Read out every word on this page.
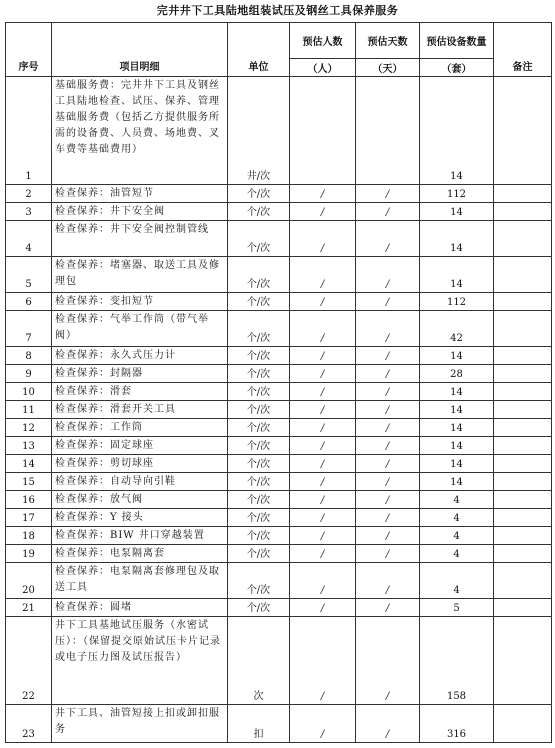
完井井下工具陆地组装试压及钢丝工具保养服务
序号	项目明细	单位	预估人数	预估天数	预估设备数量	备注
			（人）	（天）	（套）	
1	基础服务费：完井井下工具及钢丝工具陆地检查、试压、保养、管理基础服务费（包括乙方提供服务所需的设备费、人员费、场地费、叉车费等基础费用）	井/次			14	
2	检查保养：油管短节	个/次	/	/	112	
3	检查保养：井下安全阀	个/次	/	/	14	
4	检查保养：井下安全阀控制管线	个/次	/	/	14	
5	检查保养：堵塞器、取送工具及修理包	个/次	/	/	14	
6	检查保养：变扣短节	个/次	/	/	112	
7	检查保养：气举工作筒（带气举阀）	个/次	/	/	42	
8	检查保养：永久式压力计	个/次	/	/	14	
9	检查保养：封隔器	个/次	/	/	28	
10	检查保养：滑套	个/次	/	/	14	
11	检查保养：滑套开关工具	个/次	/	/	14	
12	检查保养：工作筒	个/次	/	/	14	
13	检查保养：固定球座	个/次	/	/	14	
14	检查保养：剪切球座	个/次	/	/	14	
15	检查保养：自动导向引鞋	个/次	/	/	14	
16	检查保养：放气阀	个/次	/	/	4	
17	检查保养：Y 接头	个/次	/	/	4	
18	检查保养：BIW 井口穿越装置	个/次	/	/	4	
19	检查保养：电泵隔离套	个/次	/	/	4	
20	检查保养：电泵隔离套修理包及取送工具	个/次	/	/	4	
21	检查保养：圆堵	个/次	/	/	5	
22	井下工具基地试压服务（水密试压）：（保留提交原始试压卡片记录或电子压力图及试压报告）	次	/	/	158	
23	井下工具、油管短接上扣或卸扣服务	扣	/	/	316	
